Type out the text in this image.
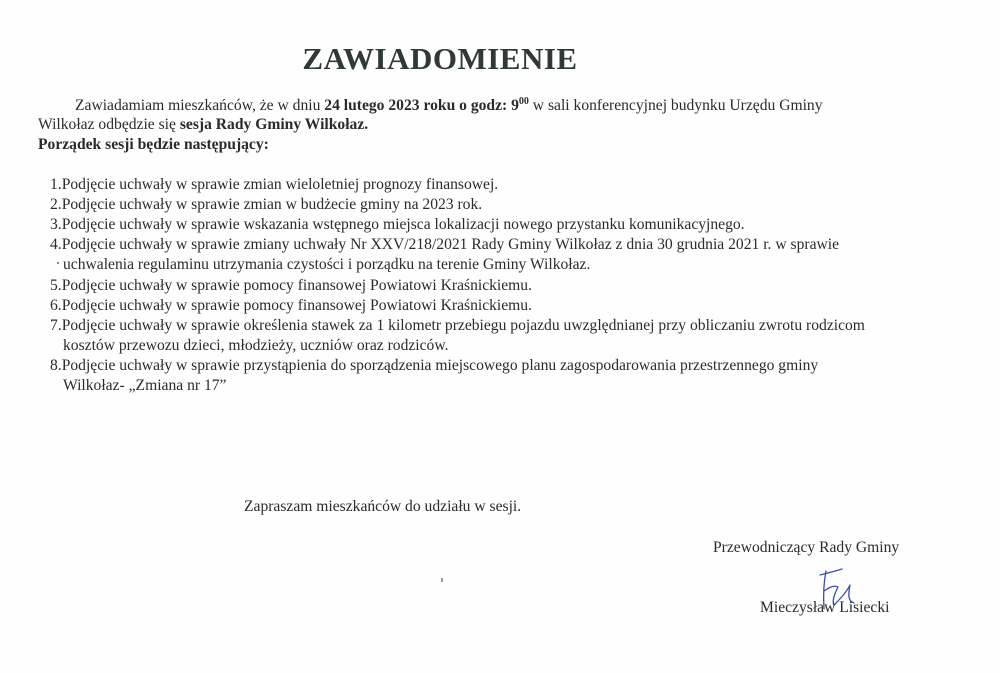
ZAWIADOMIENIE
Zawiadamiam mieszkańców, że w dniu 24 lutego 2023 roku o godz: $9^{00}$ w sali konferencyjnej budynku Urzędu Gminy
Wilkołaz odbędzie się sesja Rady Gminy Wilkołaz.
Porządek sesji będzie następujący:
1.Podjęcie uchwały w sprawie zmian wieloletniej prognozy finansowej.
2.Podjęcie uchwały w sprawie zmian w budżecie gminy na 2023 rok.
3.Podjęcie uchwały w sprawie wskazania wstępnego miejsca lokalizacji nowego przystanku komunikacyjnego.
4.Podjęcie uchwały w sprawie zmiany uchwały Nr XXV/218/2021 Rady Gminy Wilkołaz z dnia 30 grudnia 2021 r. w sprawie
uchwalenia regulaminu utrzymania czystości i porządku na terenie Gminy Wilkołaz.
5.Podjęcie uchwały w sprawie pomocy finansowej Powiatowi Kraśnickiemu.
6.Podjęcie uchwały w sprawie pomocy finansowej Powiatowi Kraśnickiemu.
7.Podjęcie uchwały w sprawie określenia stawek za 1 kilometr przebiegu pojazdu uwzględnianej przy obliczaniu zwrotu rodzicom
kosztów przewozu dzieci, młodzieży, uczniów oraz rodziców.
8.Podjęcie uchwały w sprawie przystąpienia do sporządzenia miejscowego planu zagospodarowania przestrzennego gminy
Wilkołaz- „Zmiana nr 17”
Zapraszam mieszkańców do udziału w sesji.
Przewodniczący Rady Gminy
Mieczysław Lisiecki
